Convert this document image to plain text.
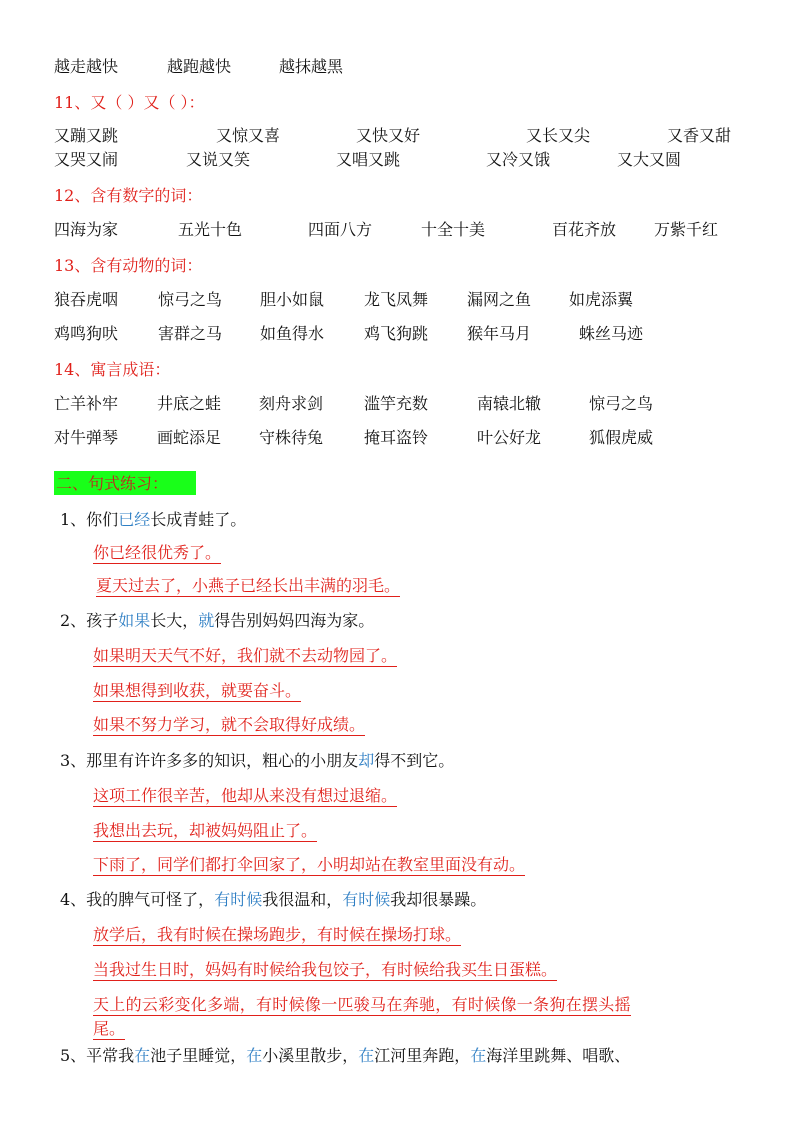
越走越快	越跑越快	越抹越黑
11、又（ ）又（ ）：
又蹦又跳	又惊又喜	又快又好	又长又尖	又香又甜
又哭又闹	又说又笑	又唱又跳	又冷又饿	又大又圆
12、含有数字的词：
四海为家	五光十色	四面八方	十全十美	百花齐放 万紫千红
13、含有动物的词：
狼吞虎咽 惊弓之鸟 胆小如鼠 龙飞凤舞 漏网之鱼 如虎添翼
鸡鸣狗吠 害群之马 如鱼得水 鸡飞狗跳 猴年马月	蛛丝马迹
14、寓言成语：
亡羊补牢 井底之蛙 刻舟求剑	滥竽充数	南辕北辙	惊弓之鸟
对牛弹琴 画蛇添足 守株待兔	掩耳盗铃	叶公好龙	狐假虎威
二、句式练习：
1、你们已经长成青蛙了。
你已经很优秀了。
夏天过去了，小燕子已经长出丰满的羽毛。
2、孩子如果长大，就得告别妈妈四海为家。
如果明天天气不好，我们就不去动物园了。
如果想得到收获，就要奋斗。
如果不努力学习，就不会取得好成绩。
3、那里有许许多多的知识，粗心的小朋友却得不到它。
这项工作很辛苦，他却从来没有想过退缩。
我想出去玩，却被妈妈阻止了。
下雨了，同学们都打伞回家了，小明却站在教室里面没有动。
4、我的脾气可怪了，有时候我很温和，有时候我却很暴躁。
放学后，我有时候在操场跑步，有时候在操场打球。
当我过生日时，妈妈有时候给我包饺子，有时候给我买生日蛋糕。
天上的云彩变化多端，有时候像一匹骏马在奔驰，有时候像一条狗在摆头摇
尾。
5、平常我在池子里睡觉，在小溪里散步，在江河里奔跑，在海洋里跳舞、唱歌、
